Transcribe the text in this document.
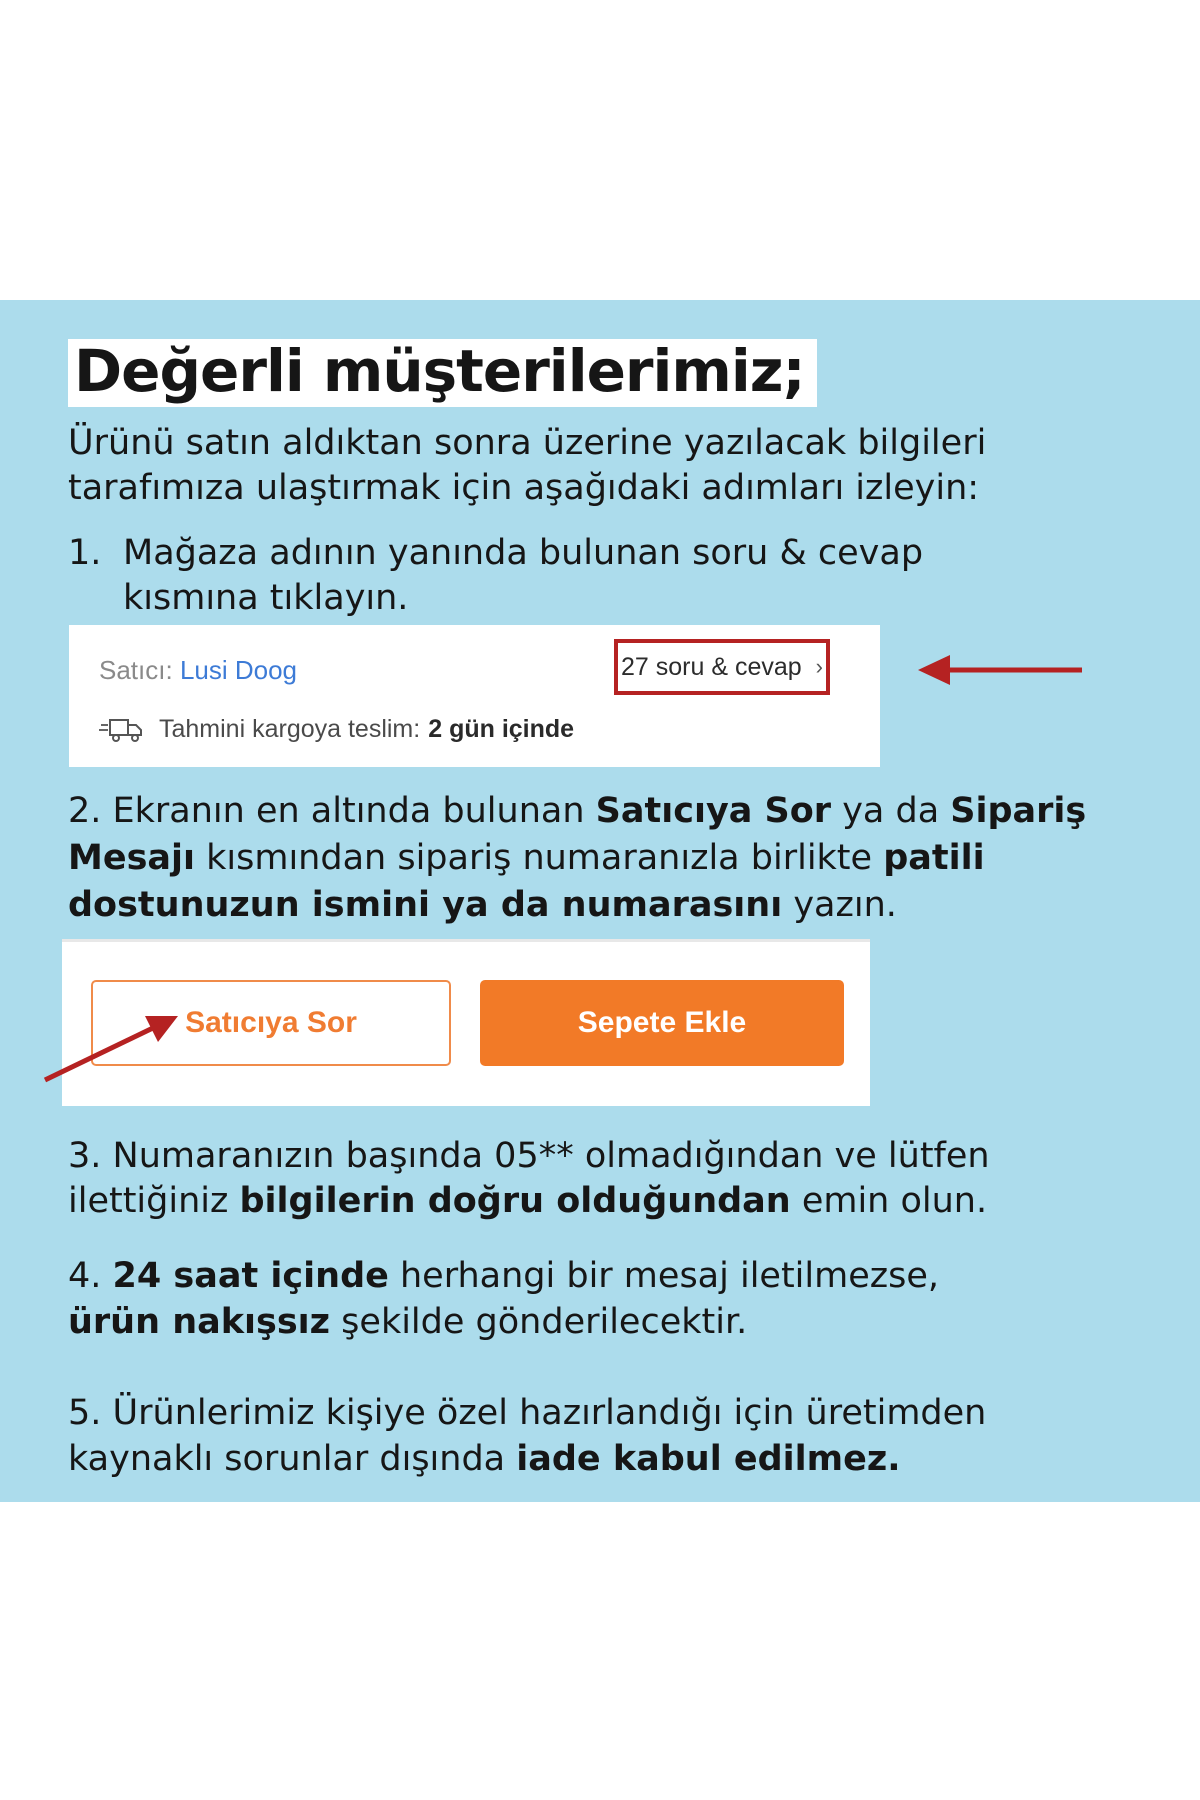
Değerli müşterilerimiz;
Ürünü satın aldıktan sonra üzerine yazılacak bilgileri
tarafımıza ulaştırmak için aşağıdaki adımları izleyin:
1. Mağaza adının yanında bulunan soru & cevap
kısmına tıklayın.
Satıcı: Lusi Doog	27 soru & cevap ›
Tahmini kargoya teslim: 2 gün içinde
2. Ekranın en altında bulunan Satıcıya Sor ya da Sipariş
Mesajı kısmından sipariş numaranızla birlikte patili
dostunuzun ismini ya da numarasını yazın.
Satıcıya Sor	Sepete Ekle
3. Numaranızın başında 05** olmadığından ve lütfen
ilettiğiniz bilgilerin doğru olduğundan emin olun.
4. 24 saat içinde herhangi bir mesaj iletilmezse,
ürün nakışsız şekilde gönderilecektir.
5. Ürünlerimiz kişiye özel hazırlandığı için üretimden
kaynaklı sorunlar dışında iade kabul edilmez.
